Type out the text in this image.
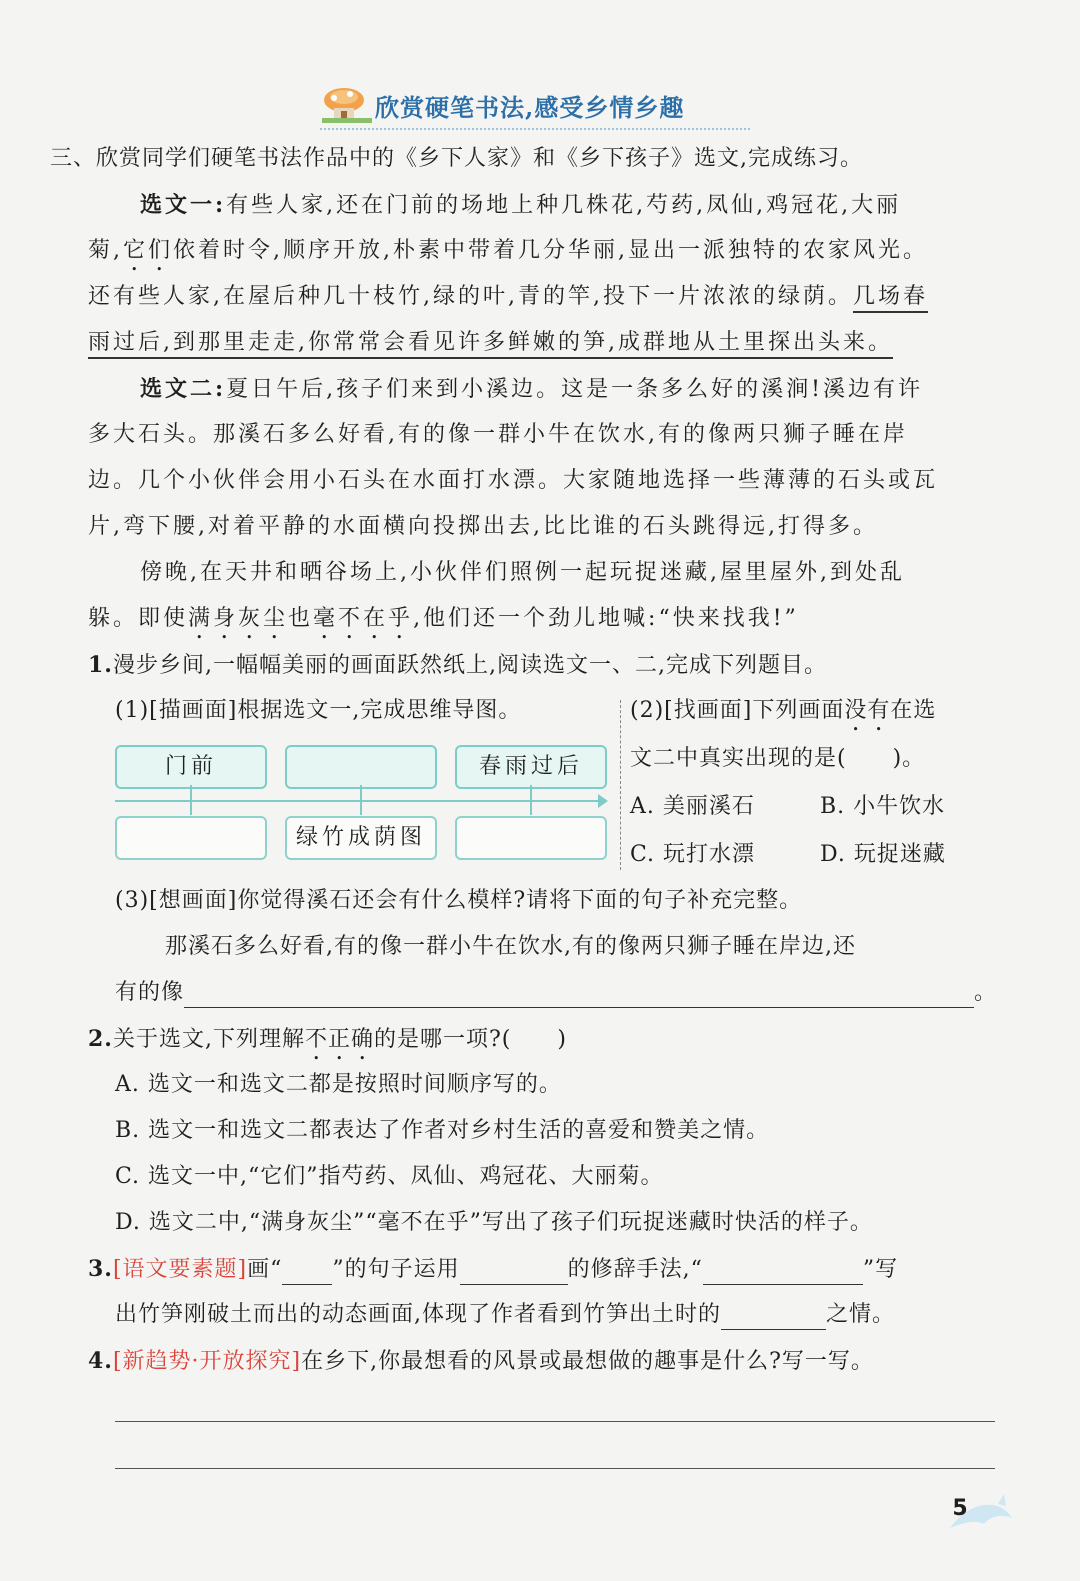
欣赏硬笔书法,感受乡情乡趣
三、欣赏同学们硬笔书法作品中的《乡下人家》和《乡下孩子》选文,完成练习。
选文一:有些人家,还在门前的场地上种几株花,芍药,凤仙,鸡冠花,大丽
菊,它们依着时令,顺序开放,朴素中带着几分华丽,显出一派独特的农家风光。
还有些人家,在屋后种几十枝竹,绿的叶,青的竿,投下一片浓浓的绿荫。几场春
雨过后,到那里走走,你常常会看见许多鲜嫩的笋,成群地从土里探出头来。
选文二:夏日午后,孩子们来到小溪边。这是一条多么好的溪涧!溪边有许
多大石头。那溪石多么好看,有的像一群小牛在饮水,有的像两只狮子睡在岸
边。几个小伙伴会用小石头在水面打水漂。大家随地选择一些薄薄的石头或瓦
片,弯下腰,对着平静的水面横向投掷出去,比比谁的石头跳得远,打得多。
傍晚,在天井和晒谷场上,小伙伴们照例一起玩捉迷藏,屋里屋外,到处乱
躲。即使满身灰尘也毫不在乎,他们还一个劲儿地喊:“快来找我!”
1.漫步乡间,一幅幅美丽的画面跃然纸上,阅读选文一、二,完成下列题目。
(1)[描画面]根据选文一,完成思维导图。
门前	春雨过后
绿竹成荫图
(2)[找画面]下列画面没有在选
文二中真实出现的是( )。
A. 美丽溪石	B. 小牛饮水
C. 玩打水漂	D. 玩捉迷藏
(3)[想画面]你觉得溪石还会有什么模样?请将下面的句子补充完整。
那溪石多么好看,有的像一群小牛在饮水,有的像两只狮子睡在岸边,还
有的像	。
2.关于选文,下列理解不正确的是哪一项?( )
A. 选文一和选文二都是按照时间顺序写的。
B. 选文一和选文二都表达了作者对乡村生活的喜爱和赞美之情。
C. 选文一中,“它们”指芍药、凤仙、鸡冠花、大丽菊。
D. 选文二中,“满身灰尘”“毫不在乎”写出了孩子们玩捉迷藏时快活的样子。
3.[语文要素题]画“ ”的句子运用	的修辞手法,“	”写
出竹笋刚破土而出的动态画面,体现了作者看到竹笋出土时的	之情。
4.[新趋势·开放探究]在乡下,你最想看的风景或最想做的趣事是什么?写一写。
5
